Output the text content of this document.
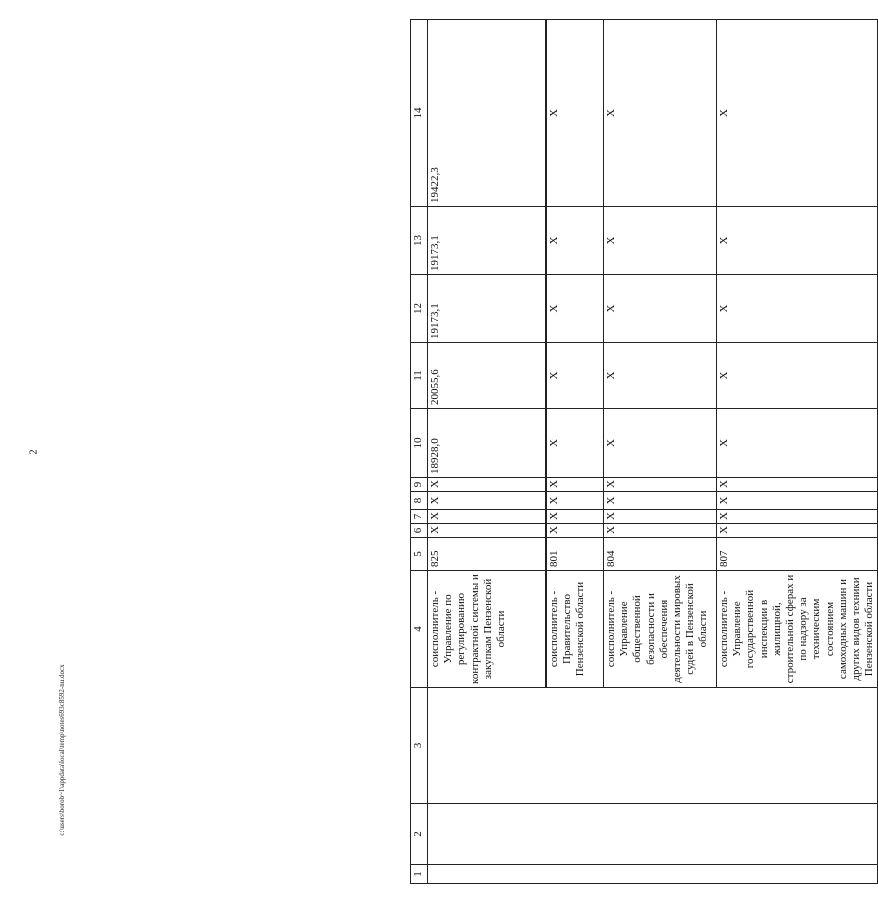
2
c:\users\borob~1\appdata\local\temp\notes693c8592-nu.docx
1	2	3	4	5	6	7	8	9	10	11	12	13	14
			соисполнитель - Управление по регулированию контрактной системы и закупкам Пензенской области	825	X	X	X	X	18928,0	20055,6	19173,1	19173,1	19422,3
			соисполнитель - Правительство Пензенской области	801	X	X	X	X	X	X	X	X	X
			соисполнитель - Управление общественной безопасности и обеспечения деятельности мировых судей в Пензенской области	804	X	X	X	X	X	X	X	X	X
			соисполнитель - Управление государственной инспекции в жилищной, строительной сферах и по надзору за техническим состоянием самоходных машин и других видов техники Пензенской области	807	X	X	X	X	X	X	X	X	X
